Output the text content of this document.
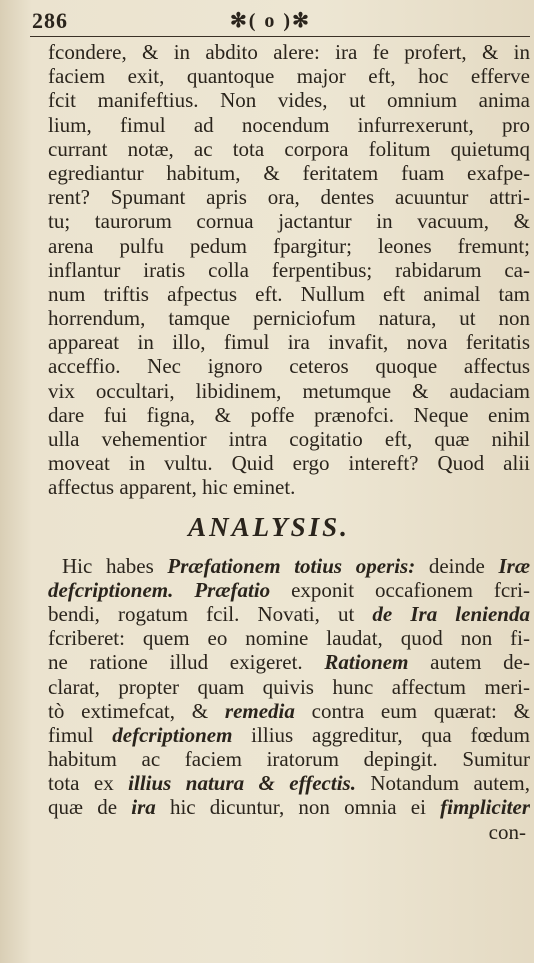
286	✻( o )✻
fcondere, & in abdito alere: ira fe profert, & in
faciem exit, quantoque major eft, hoc efferve
fcit manifeftius. Non vides, ut omnium anima
lium, fimul ad nocendum infurrexerunt, pro
currant notæ, ac tota corpora folitum quietumq
egrediantur habitum, & feritatem fuam exafpe-
rent? Spumant apris ora, dentes acuuntur attri-
tu; taurorum cornua jactantur in vacuum, &
arena pulfu pedum fpargitur; leones fremunt;
inflantur iratis colla ferpentibus; rabidarum ca-
num triftis afpectus eft. Nullum eft animal tam
horrendum, tamque perniciofum natura, ut non
appareat in illo, fimul ira invafit, nova feritatis
acceffio. Nec ignoro ceteros quoque affectus
vix occultari, libidinem, metumque & audaciam
dare fui figna, & poffe prænofci. Neque enim
ulla vehementior intra cogitatio eft, quæ nihil
moveat in vultu. Quid ergo intereft? Quod alii
affectus apparent, hic eminet.
ANALYSIS.
Hic habes Præfationem totius operis: deinde Iræ
defcriptionem. Præfatio exponit occafionem fcri-
bendi, rogatum fcil. Novati, ut de Ira lenienda
fcriberet: quem eo nomine laudat, quod non fi-
ne ratione illud exigeret. Rationem autem de-
clarat, propter quam quivis hunc affectum meri-
tò extimefcat, & remedia contra eum quærat: &
fimul defcriptionem illius aggreditur, qua fœdum
habitum ac faciem iratorum depingit. Sumitur
tota ex illius natura & effectis. Notandum autem,
quæ de ira hic dicuntur, non omnia ei fimpliciter
con-
